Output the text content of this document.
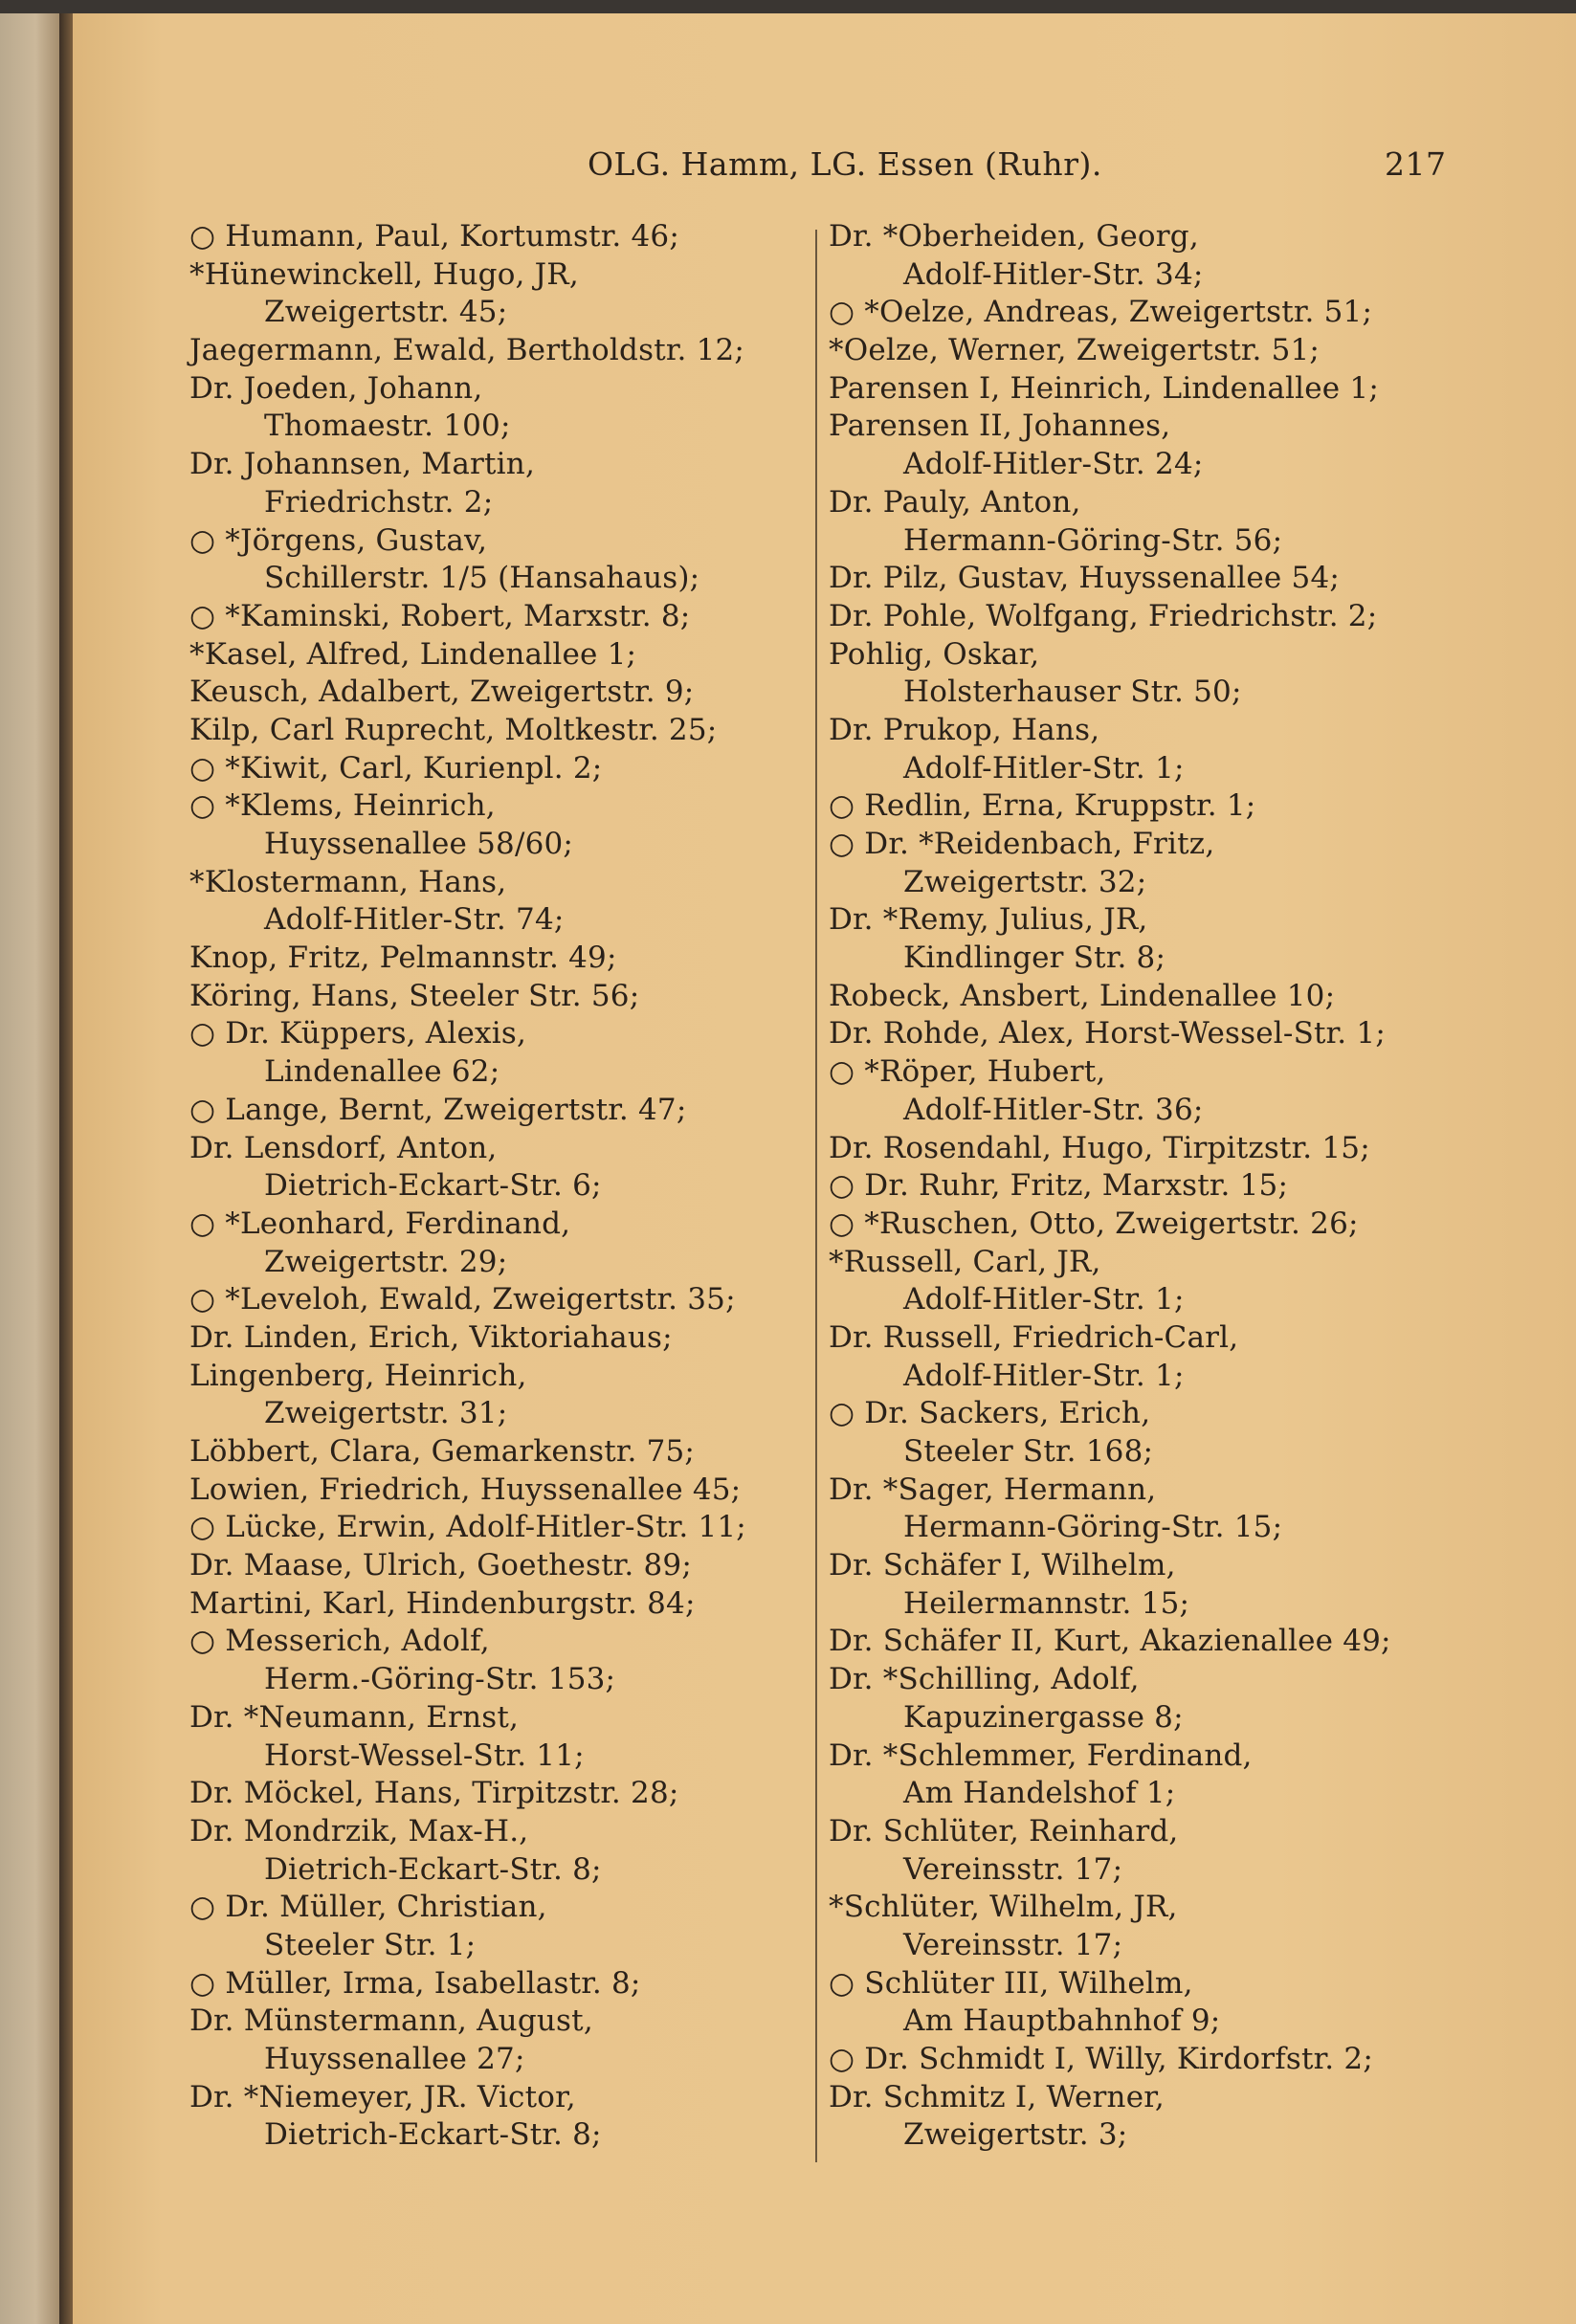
OLG. Hamm, LG. Essen (Ruhr).	217
○ Humann, Paul, Kortumstr. 46;
*Hünewinckell, Hugo, JR,
Zweigertstr. 45;
Jaegermann, Ewald, Bertholdstr. 12;
Dr. Joeden, Johann,
Thomaestr. 100;
Dr. Johannsen, Martin,
Friedrichstr. 2;
○ *Jörgens, Gustav,
Schillerstr. 1/5 (Hansahaus);
○ *Kaminski, Robert, Marxstr. 8;
*Kasel, Alfred, Lindenallee 1;
Keusch, Adalbert, Zweigertstr. 9;
Kilp, Carl Ruprecht, Moltkestr. 25;
○ *Kiwit, Carl, Kurienpl. 2;
○ *Klems, Heinrich,
Huyssenallee 58/60;
*Klostermann, Hans,
Adolf-Hitler-Str. 74;
Knop, Fritz, Pelmannstr. 49;
Köring, Hans, Steeler Str. 56;
○ Dr. Küppers, Alexis,
Lindenallee 62;
○ Lange, Bernt, Zweigertstr. 47;
Dr. Lensdorf, Anton,
Dietrich-Eckart-Str. 6;
○ *Leonhard, Ferdinand,
Zweigertstr. 29;
○ *Leveloh, Ewald, Zweigertstr. 35;
Dr. Linden, Erich, Viktoriahaus;
Lingenberg, Heinrich,
Zweigertstr. 31;
Löbbert, Clara, Gemarkenstr. 75;
Lowien, Friedrich, Huyssenallee 45;
○ Lücke, Erwin, Adolf-Hitler-Str. 11;
Dr. Maase, Ulrich, Goethestr. 89;
Martini, Karl, Hindenburgstr. 84;
○ Messerich, Adolf,
Herm.-Göring-Str. 153;
Dr. *Neumann, Ernst,
Horst-Wessel-Str. 11;
Dr. Möckel, Hans, Tirpitzstr. 28;
Dr. Mondrzik, Max-H.,
Dietrich-Eckart-Str. 8;
○ Dr. Müller, Christian,
Steeler Str. 1;
○ Müller, Irma, Isabellastr. 8;
Dr. Münstermann, August,
Huyssenallee 27;
Dr. *Niemeyer, JR. Victor,
Dietrich-Eckart-Str. 8;
Dr. *Oberheiden, Georg,
Adolf-Hitler-Str. 34;
○ *Oelze, Andreas, Zweigertstr. 51;
*Oelze, Werner, Zweigertstr. 51;
Parensen I, Heinrich, Lindenallee 1;
Parensen II, Johannes,
Adolf-Hitler-Str. 24;
Dr. Pauly, Anton,
Hermann-Göring-Str. 56;
Dr. Pilz, Gustav, Huyssenallee 54;
Dr. Pohle, Wolfgang, Friedrichstr. 2;
Pohlig, Oskar,
Holsterhauser Str. 50;
Dr. Prukop, Hans,
Adolf-Hitler-Str. 1;
○ Redlin, Erna, Kruppstr. 1;
○ Dr. *Reidenbach, Fritz,
Zweigertstr. 32;
Dr. *Remy, Julius, JR,
Kindlinger Str. 8;
Robeck, Ansbert, Lindenallee 10;
Dr. Rohde, Alex, Horst-Wessel-Str. 1;
○ *Röper, Hubert,
Adolf-Hitler-Str. 36;
Dr. Rosendahl, Hugo, Tirpitzstr. 15;
○ Dr. Ruhr, Fritz, Marxstr. 15;
○ *Ruschen, Otto, Zweigertstr. 26;
*Russell, Carl, JR,
Adolf-Hitler-Str. 1;
Dr. Russell, Friedrich-Carl,
Adolf-Hitler-Str. 1;
○ Dr. Sackers, Erich,
Steeler Str. 168;
Dr. *Sager, Hermann,
Hermann-Göring-Str. 15;
Dr. Schäfer I, Wilhelm,
Heilermannstr. 15;
Dr. Schäfer II, Kurt, Akazienallee 49;
Dr. *Schilling, Adolf,
Kapuzinergasse 8;
Dr. *Schlemmer, Ferdinand,
Am Handelshof 1;
Dr. Schlüter, Reinhard,
Vereinsstr. 17;
*Schlüter, Wilhelm, JR,
Vereinsstr. 17;
○ Schlüter III, Wilhelm,
Am Hauptbahnhof 9;
○ Dr. Schmidt I, Willy, Kirdorfstr. 2;
Dr. Schmitz I, Werner,
Zweigertstr. 3;
